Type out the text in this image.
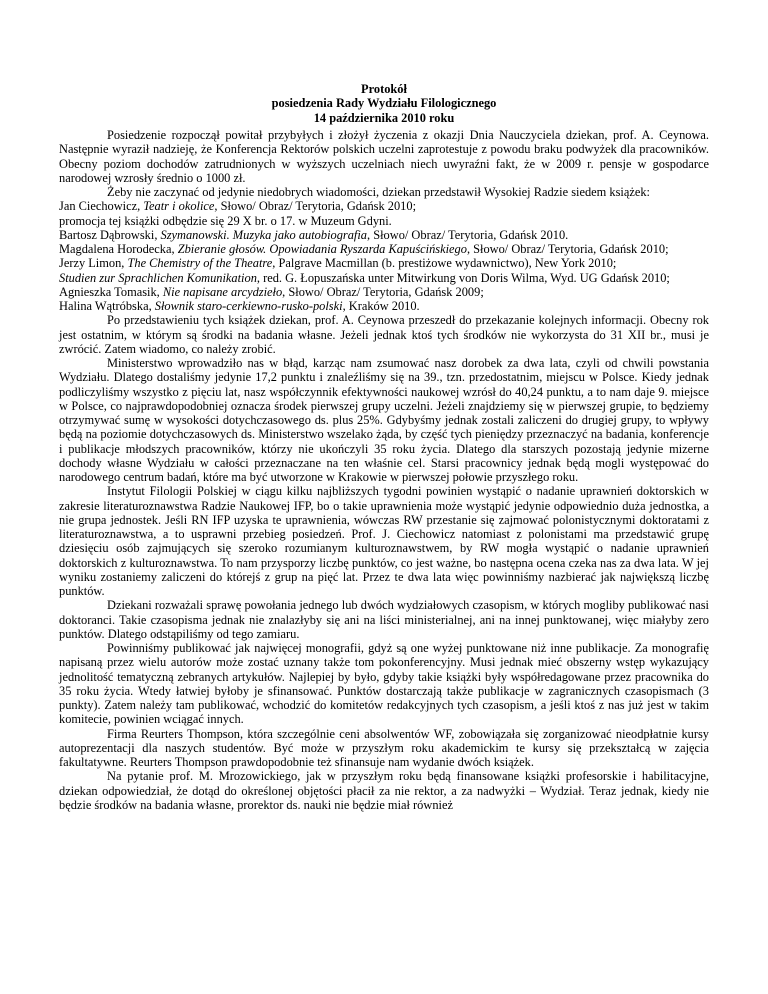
Protokół
posiedzenia Rady Wydziału Filologicznego
14 października 2010 roku

Posiedzenie rozpoczął powitał przybyłych i złożył życzenia z okazji Dnia Nauczyciela dziekan, prof. A. Ceynowa. Następnie wyraził nadzieję, że Konferencja Rektorów polskich uczelni zaprotestuje z powodu braku podwyżek dla pracowników. Obecny poziom dochodów zatrudnionych w wyższych uczelniach niech uwyraźni fakt, że w 2009 r. pensje w gospodarce narodowej wzrosły średnio o 1000 zł.

Żeby nie zaczynać od jedynie niedobrych wiadomości, dziekan przedstawił Wysokiej Radzie siedem książek:

Jan Ciechowicz, Teatr i okolice, Słowo/ Obraz/ Terytoria, Gdańsk 2010;

promocja tej książki odbędzie się 29 X br. o 17. w Muzeum Gdyni.

Bartosz Dąbrowski, Szymanowski. Muzyka jako autobiografia, Słowo/ Obraz/ Terytoria, Gdańsk 2010.

Magdalena Horodecka, Zbieranie głosów. Opowiadania Ryszarda Kapuścińskiego, Słowo/ Obraz/ Terytoria, Gdańsk 2010;

Jerzy Limon, The Chemistry of the Theatre, Palgrave Macmillan (b. prestiżowe wydawnictwo), New York 2010;

Studien zur Sprachlichen Komunikation, red. G. Łopuszańska unter Mitwirkung von Doris Wilma, Wyd. UG Gdańsk 2010;

Agnieszka Tomasik, Nie napisane arcydzieło, Słowo/ Obraz/ Terytoria, Gdańsk 2009;

Halina Wątróbska, Słownik staro-cerkiewno-rusko-polski, Kraków 2010.

Po przedstawieniu tych książek dziekan, prof. A. Ceynowa przeszedł do przekazanie kolejnych informacji. Obecny rok jest ostatnim, w którym są środki na badania własne. Jeżeli jednak ktoś tych środków nie wykorzysta do 31 XII br., musi je zwrócić. Zatem wiadomo, co należy zrobić.

Ministerstwo wprowadziło nas w błąd, karząc nam zsumować nasz dorobek za dwa lata, czyli od chwili powstania Wydziału. Dlatego dostaliśmy jedynie 17,2 punktu i znaleźliśmy się na 39., tzn. przedostatnim, miejscu w Polsce. Kiedy jednak podliczyliśmy wszystko z pięciu lat, nasz współczynnik efektywności naukowej wzrósł do 40,24 punktu, a to nam daje 9. miejsce w Polsce, co najprawdopodobniej oznacza środek pierwszej grupy uczelni. Jeżeli znajdziemy się w pierwszej grupie, to będziemy otrzymywać sumę w wysokości dotychczasowego ds. plus 25%. Gdybyśmy jednak zostali zaliczeni do drugiej grupy, to wpływy będą na poziomie dotychczasowych ds. Ministerstwo wszelako żąda, by część tych pieniędzy przeznaczyć na badania, konferencje i publikacje młodszych pracowników, którzy nie ukończyli 35 roku życia. Dlatego dla starszych pozostają jedynie mizerne dochody własne Wydziału w całości przeznaczane na ten właśnie cel. Starsi pracownicy jednak będą mogli występować do narodowego centrum badań, które ma być utworzone w Krakowie w pierwszej połowie przyszłego roku.

Instytut Filologii Polskiej w ciągu kilku najbliższych tygodni powinien wystąpić o nadanie uprawnień doktorskich w zakresie literaturoznawstwa Radzie Naukowej IFP, bo o takie uprawnienia może wystąpić jedynie odpowiednio duża jednostka, a nie grupa jednostek. Jeśli RN IFP uzyska te uprawnienia, wówczas RW przestanie się zajmować polonistycznymi doktoratami z literaturoznawstwa, a to usprawni przebieg posiedzeń. Prof. J. Ciechowicz natomiast z polonistami ma przedstawić grupę dziesięciu osób zajmujących się szeroko rozumianym kulturoznawstwem, by RW mogła wystąpić o nadanie uprawnień doktorskich z kulturoznawstwa. To nam przysporzy liczbę punktów, co jest ważne, bo następna ocena czeka nas za dwa lata. W jej wyniku zostaniemy zaliczeni do którejś z grup na pięć lat. Przez te dwa lata więc powinniśmy nazbierać jak największą liczbę punktów.

Dziekani rozważali sprawę powołania jednego lub dwóch wydziałowych czasopism, w których mogliby publikować nasi doktoranci. Takie czasopisma jednak nie znalazłyby się ani na liści ministerialnej, ani na innej punktowanej, więc miałyby zero punktów. Dlatego odstąpiliśmy od tego zamiaru.

Powinniśmy publikować jak najwięcej monografii, gdyż są one wyżej punktowane niż inne publikacje. Za monografię napisaną przez wielu autorów może zostać uznany także tom pokonferencyjny. Musi jednak mieć obszerny wstęp wykazujący jednolitość tematyczną zebranych artykułów. Najlepiej by było, gdyby takie książki były współredagowane przez pracownika do 35 roku życia. Wtedy łatwiej byłoby je sfinansować. Punktów dostarczają także publikacje w zagranicznych czasopismach (3 punkty). Zatem należy tam publikować, wchodzić do komitetów redakcyjnych tych czasopism, a jeśli ktoś z nas już jest w takim komitecie, powinien wciągać innych.

Firma Reurters Thompson, która szczególnie ceni absolwentów WF, zobowiązała się zorganizować nieodpłatnie kursy autoprezentacji dla naszych studentów. Być może w przyszłym roku akademickim te kursy się przekształcą w zajęcia fakultatywne. Reurters Thompson prawdopodobnie też sfinansuje nam wydanie dwóch książek.

Na pytanie prof. M. Mrozowickiego, jak w przyszłym roku będą finansowane książki profesorskie i habilitacyjne, dziekan odpowiedział, że dotąd do określonej objętości płacił za nie rektor, a za nadwyżki – Wydział. Teraz jednak, kiedy nie będzie środków na badania własne, prorektor ds. nauki nie będzie miał również
